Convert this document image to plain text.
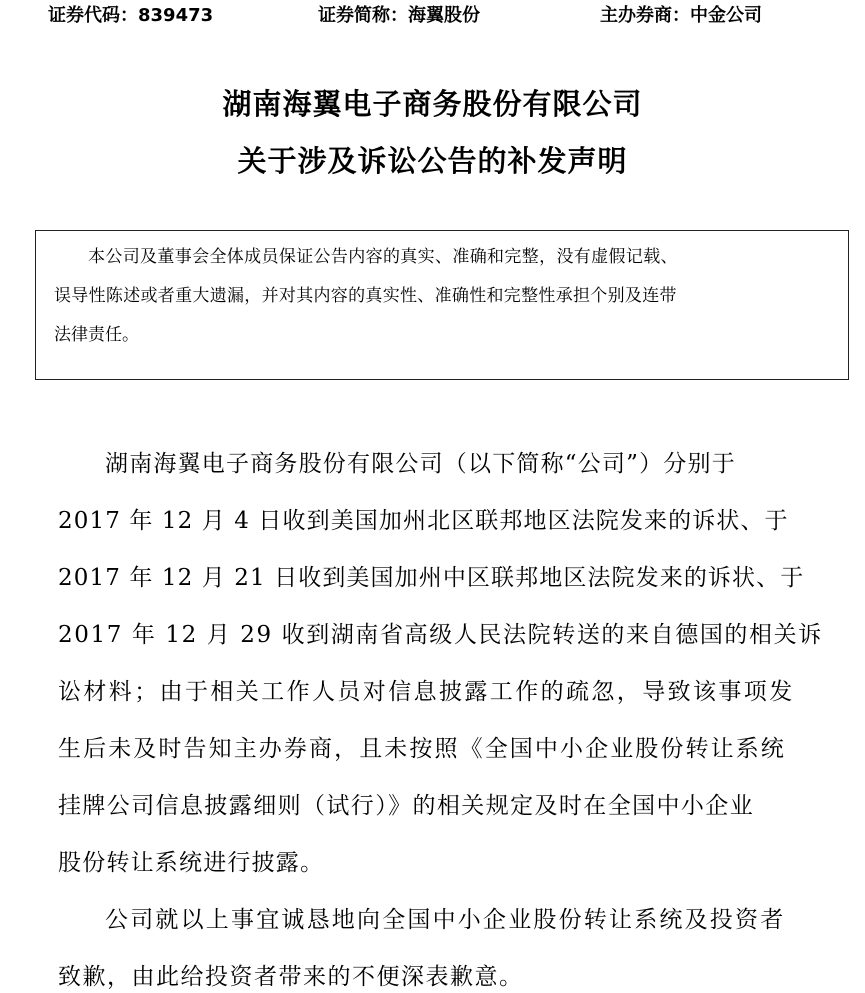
证券代码：839473	证券简称：海翼股份	主办券商：中金公司
湖南海翼电子商务股份有限公司
关于涉及诉讼公告的补发声明
本公司及董事会全体成员保证公告内容的真实、准确和完整，没有虚假记载、
误导性陈述或者重大遗漏，并对其内容的真实性、准确性和完整性承担个别及连带
法律责任。
湖南海翼电子商务股份有限公司（以下简称“公司”）分别于
2017 年 12 月 4 日收到美国加州北区联邦地区法院发来的诉状、于
2017 年 12 月 21 日收到美国加州中区联邦地区法院发来的诉状、于
2017 年 12 月 29 收到湖南省高级人民法院转送的来自德国的相关诉
讼材料；由于相关工作人员对信息披露工作的疏忽，导致该事项发
生后未及时告知主办券商，且未按照《全国中小企业股份转让系统
挂牌公司信息披露细则（试行）》的相关规定及时在全国中小企业
股份转让系统进行披露。
公司就以上事宜诚恳地向全国中小企业股份转让系统及投资者
致歉，由此给投资者带来的不便深表歉意。
